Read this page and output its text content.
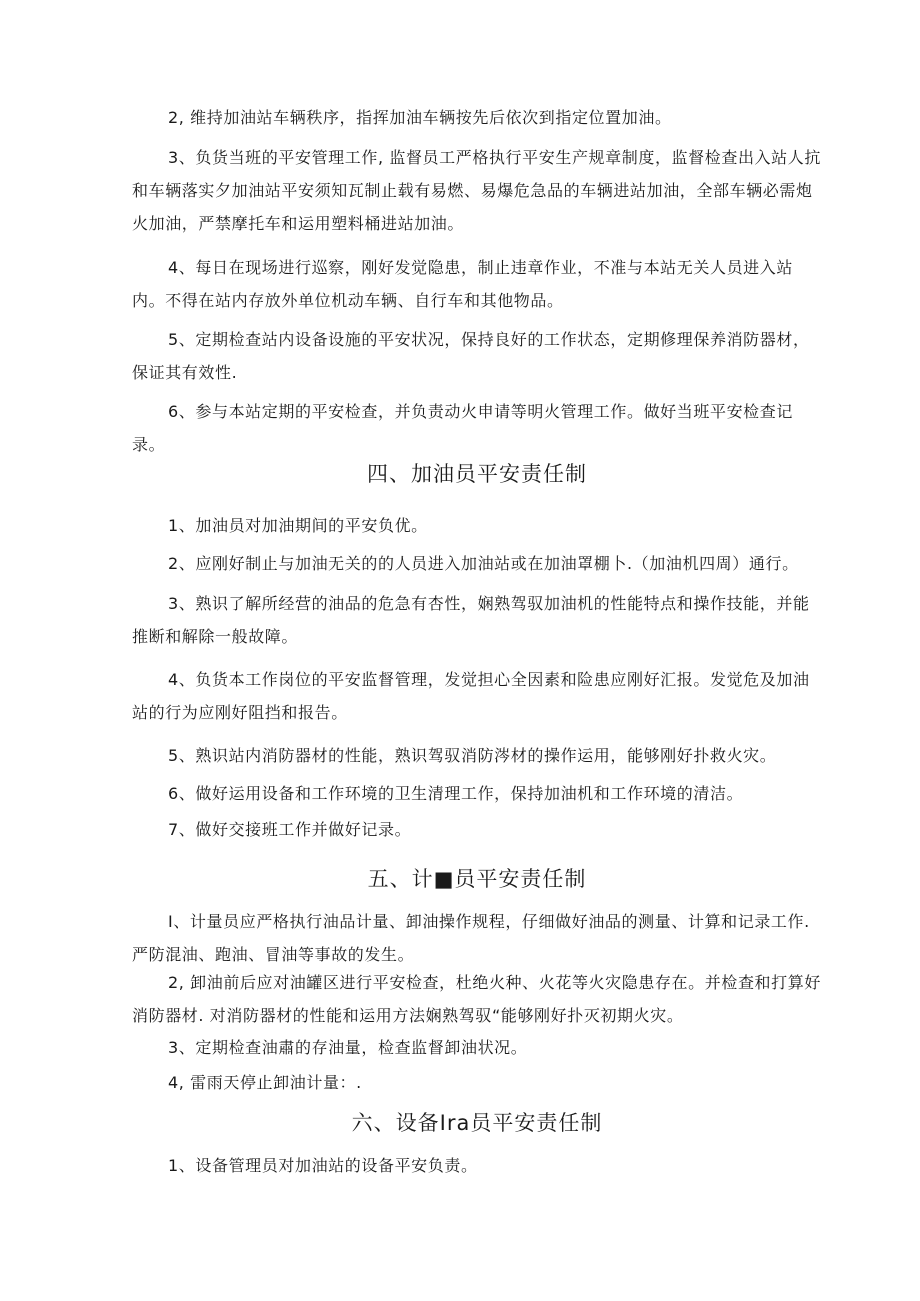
2, 维持加油站车辆秩序，指挥加油车辆按先后依次到指定位置加油。

3、负货当班的平安管理工作, 监督员工严格执行平安生产规章制度，监督检查出入站人抗和车辆落实夕加油站平安须知瓦制止载有易燃、易爆危急品的车辆进站加油，全部车辆必需炮火加油，严禁摩托车和运用塑料桶进站加油。

4、每日在现场进行巡察，刚好发觉隐患，制止违章作业，不准与本站无关人员进入站内。不得在站内存放外单位机动车辆、自行车和其他物品。

5、定期检查站内设备设施的平安状况，保持良好的工作状态，定期修理保养消防器材，保证其有效性.

6、参与本站定期的平安检查，并负责动火申请等明火管理工作。做好当班平安检查记录。

四、加油员平安责任制

1、加油员对加油期间的平安负优。

2、应刚好制止与加油无关的的人员进入加油站或在加油罩棚卜.（加油机四周）通行。

3、熟识了解所经营的油品的危急有杏性，娴熟驾驭加油机的性能特点和操作技能，并能推断和解除一般故障。

4、负货本工作岗位的平安监督管理，发觉担心全因素和险患应刚好汇报。发觉危及加油站的行为应刚好阻挡和报告。

5、熟识站内消防器材的性能，熟识驾驭消防涔材的操作运用，能够刚好扑救火灾。

6、做好运用设备和工作环境的卫生清理工作，保持加油机和工作环境的清洁。

7、做好交接班工作并做好记录。

五、计■员平安责任制

I、计量员应严格执行油品计量、卸油操作规程，仔细做好油品的测量、计算和记录工作.严防混油、跑油、冒油等事故的发生。

2, 卸油前后应对油罐区进行平安检查，杜绝火种、火花等火灾隐患存在。并检查和打算好消防器材. 对消防器材的性能和运用方法娴熟驾驭“能够刚好扑灭初期火灾。

3、定期检查油肅的存油量，检查监督卸油状况。

4, 雷雨天停止卸油计量：.

六、设备Ira员平安责任制

1、设备管理员对加油站的设备平安负责。
